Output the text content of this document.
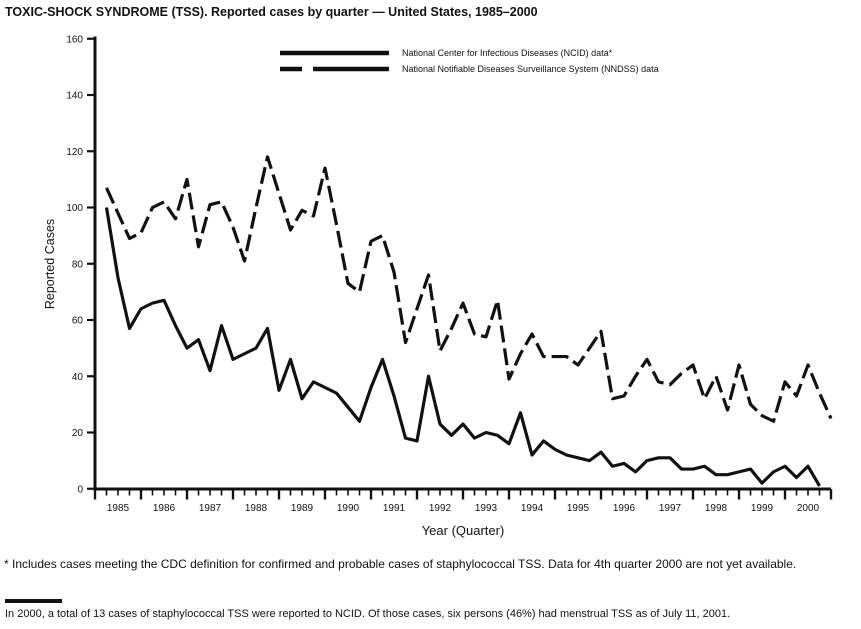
TOXIC-SHOCK SYNDROME (TSS). Reported cases by quarter — United States, 1985–2000
0
20
40
60
80
100
120
140
160
1985 1986 1987 1988 1989 1990 1991 1992 1993 1994 1995 1996 1997 1998 1999 2000
National Center for Infectious Diseases (NCID) data*
National Notifiable Diseases Surveillance System (NNDSS) data
Reported Cases
Year (Quarter)
* Includes cases meeting the CDC definition for confirmed and probable cases of staphylococcal TSS. Data for 4th quarter 2000 are not yet available.
In 2000, a total of 13 cases of staphylococcal TSS were reported to NCID. Of those cases, six persons (46%) had menstrual TSS as of July 11, 2001.
